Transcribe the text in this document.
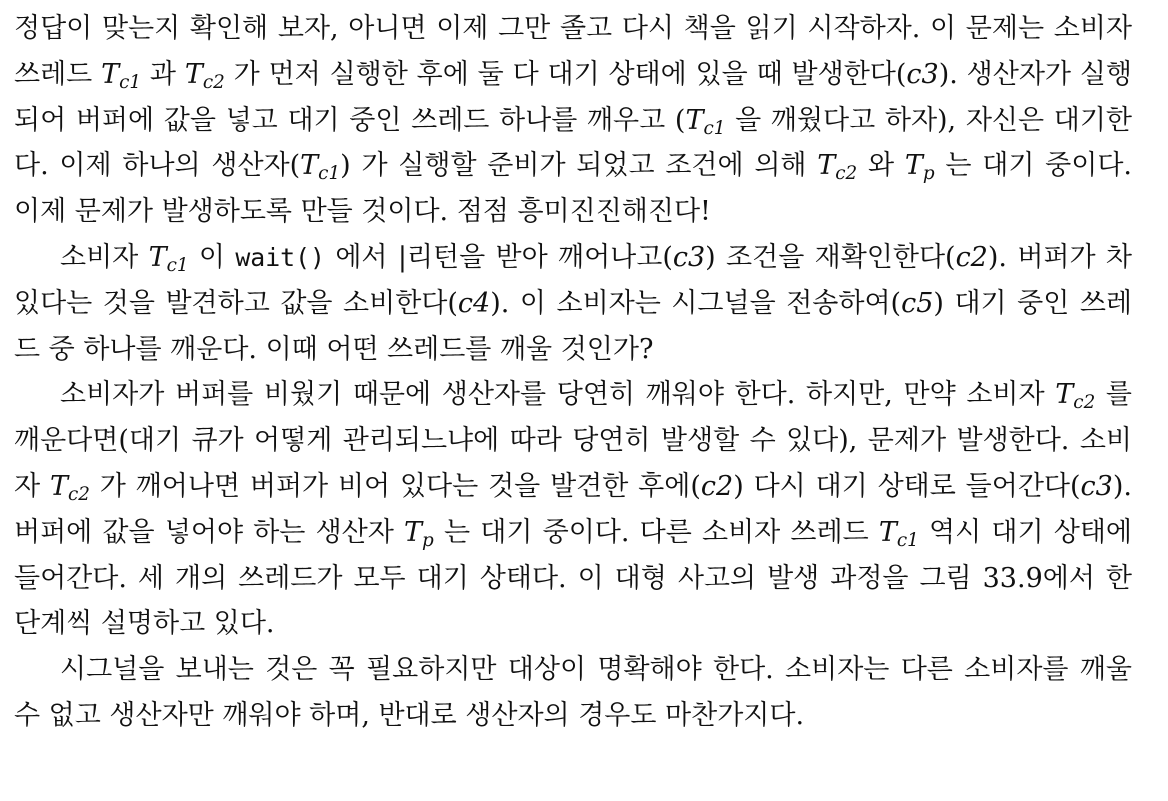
정답이 맞는지 확인해 보자, 아니면 이제 그만 졸고 다시 책을 읽기 시작하자. 이 문제는 소비자 쓰레드 $T_{c1}$ 과 $T_{c2}$ 가 먼저 실행한 후에 둘 다 대기 상태에 있을 때 발생한다(c3). 생산자가 실행되어 버퍼에 값을 넣고 대기 중인 쓰레드 하나를 깨우고 ($T_{c1}$ 을 깨웠다고 하자), 자신은 대기한다. 이제 하나의 생산자$(T_{c1})$ 가 실행할 준비가 되었고 조건에 의해 $T_{c2}$ 와 $T_p$ 는 대기 중이다. 이제 문제가 발생하도록 만들 것이다. 점점 흥미진진해진다!

소비자 $T_{c1}$ 이 wait() 에서 |리턴을 받아 깨어나고(c3) 조건을 재확인한다(c2). 버퍼가 차있다는 것을 발견하고 값을 소비한다(c4). 이 소비자는 시그널을 전송하여(c5) 대기 중인 쓰레드 중 하나를 깨운다. 이때 어떤 쓰레드를 깨울 것인가?

소비자가 버퍼를 비웠기 때문에 생산자를 당연히 깨워야 한다. 하지만, 만약 소비자 $T_{c2}$ 를 깨운다면(대기 큐가 어떻게 관리되느냐에 따라 당연히 발생할 수 있다), 문제가 발생한다. 소비자 $T_{c2}$ 가 깨어나면 버퍼가 비어 있다는 것을 발견한 후에(c2) 다시 대기 상태로 들어간다(c3). 버퍼에 값을 넣어야 하는 생산자 $T_p$ 는 대기 중이다. 다른 소비자 쓰레드 $T_{c1}$ 역시 대기 상태에 들어간다. 세 개의 쓰레드가 모두 대기 상태다. 이 대형 사고의 발생 과정을 그림 33.9에서 한 단계씩 설명하고 있다.

시그널을 보내는 것은 꼭 필요하지만 대상이 명확해야 한다. 소비자는 다른 소비자를 깨울 수 없고 생산자만 깨워야 하며, 반대로 생산자의 경우도 마찬가지다.
